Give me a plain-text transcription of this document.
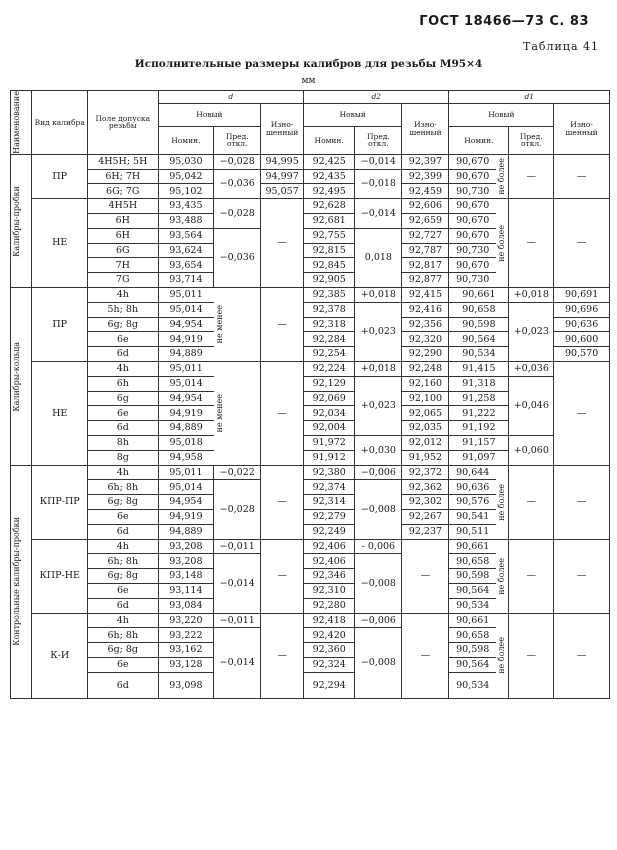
ГОСТ 18466—73 С. 83
Таблица 41
Исполнительные размеры калибров для резьбы М95×4
мм
Наименование	Вид калибра	Поле допуска резьбы	d			d2			d1			
			Новый		Изно-шенный	Новый		Изно-шенный	Новый			Изно-шенный
			Номин.	Пред. откл.		Номин.	Пред. откл.		Номин.		Пред. откл.	

Калибры-пробки	ПР	4Н5Н; 5Н	95,030	−0,028	94,995	92,425	−0,014	92,397	90,670	не более	—	—
		6Н; 7Н	95,042	−0,036	94,997	92,435	−0,018	92,399	90,670			
		6G; 7G	95,102		95,057	92,495		92,459	90,730			
	НЕ	4Н5Н	93,435	−0,028	—	92,628	−0,014	92,606	90,670	не более	—	—
		6Н	93,488			92,681		92,659	90,670			
		6Н	93,564	−0,036		92,755	0,018	92,727	90,670			
		6G	93,624			92,815		92,787	90,730			
		7Н	93,654			92,845		92,817	90,670			
		7G	93,714			92,905		92,877	90,730			

Калибры-кольца	ПР	4h	95,011	не менее	—	92,385	+0,018	92,415	90,661		+0,018	90,691
		5h; 8h	95,014			92,378	+0,023	92,416	90,658		+0,023	90,696
		6g; 8g	94,954			92,318		92,356	90,598			90,636
		6e	94,919			92,284		92,320	90,564			90,600
		6d	94,889			92,254		92,290	90,534			90,570
	НЕ	4h	95,011	не менее	—	92,224	+0,018	92,248	91,415		+0,036	—
		6h	95,014			92,129	+0,023	92,160	91,318		+0,046	
		6g	94,954			92,069		92,100	91,258			
		6e	94,919			92,034		92,065	91,222			
		6d	94,889			92,004		92,035	91,192			
		8h	95,018			91,972	+0,030	92,012	91,157		+0,060	
		8g	94,958			91,912		91,952	91,097			

Контрольные калибры-пробки	КПР-ПР	4h	95,011	−0,022	—	92,380	−0,006	92,372	90,644	не более	—	—
		6h; 8h	95,014	−0,028		92,374	−0,008	92,362	90,636			
		6g; 8g	94,954			92,314		92,302	90,576			
		6e	94,919			92,279		92,267	90,541			
		6d	94,889			92,249		92,237	90,511			
	КПР-НЕ	4h	93,208	−0,011	—	92,406	- 0,006	—	90,661	не более	—	—
		6h; 8h	93,208	−0,014		92,406	−0,008		90,658			
		6g; 8g	93,148			92,346			90,598			
		6e	93,114			92,310			90,564			
		6d	93,084			92,280			90,534			
	К-И	4h	93,220	−0,011	—	92,418	−0,006	—	90,661	не более	—	—
		6h; 8h	93,222	−0,014		92,420	−0,008		90,658			
		6g; 8g	93,162			92,360			90,598			
		6e	93,128			92,324			90,564			
		6d	93,098			92,294			90,534			
